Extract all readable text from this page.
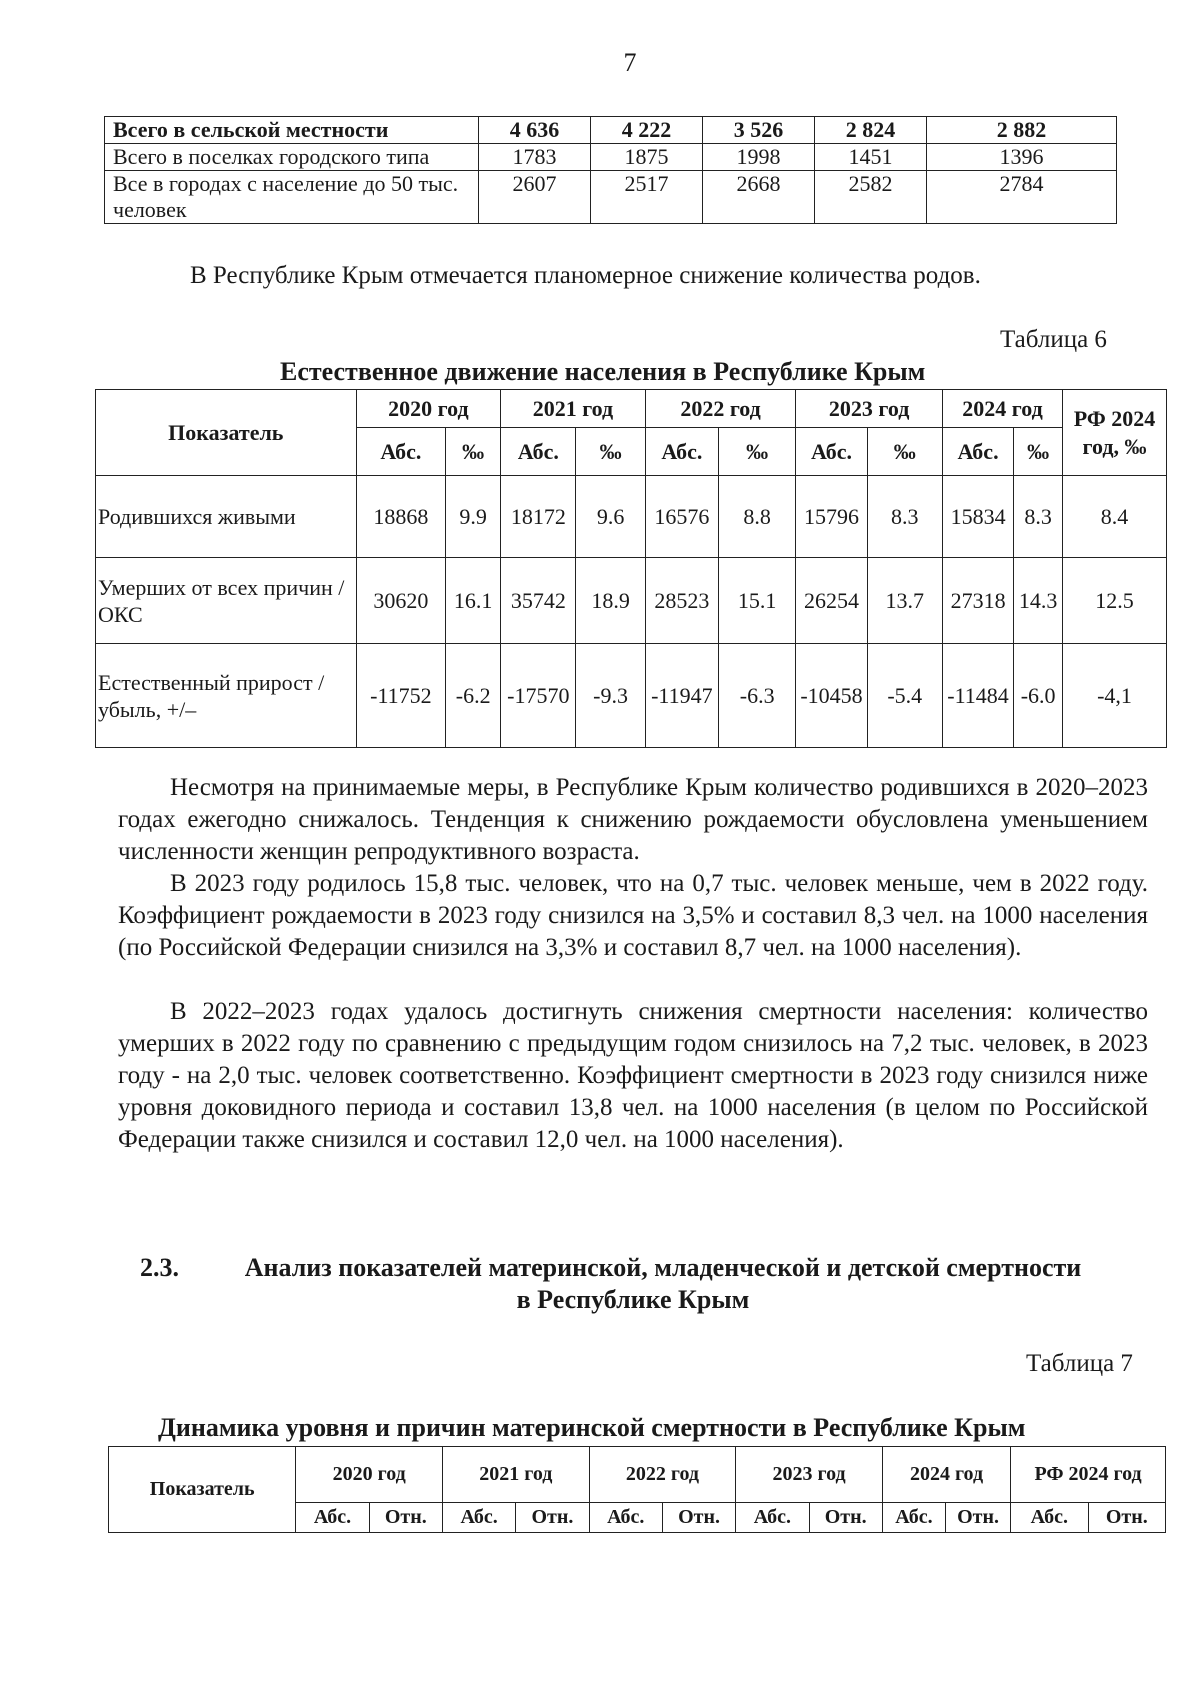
7
Всего в сельской местности	4 636	4 222	3 526	2 824	2 882
Всего в поселках городского типа	1783	1875	1998	1451	1396
Все в городах с население до 50 тыс. человек	2607	2517	2668	2582	2784
В Республике Крым отмечается планомерное снижение количества родов.
Таблица 6
Естественное движение населения в Республике Крым
Показатель	2020 год		2021 год		2022 год		2023 год		2024 год		РФ 2024 год, ‰
	Абс.	‰	Абс.	‰	Абс.	‰	Абс.	‰	Абс.	‰	
Родившихся живыми	18868	9.9	18172	9.6	16576	8.8	15796	8.3	15834	8.3	8.4
Умерших от всех причин / ОКС	30620	16.1	35742	18.9	28523	15.1	26254	13.7	27318	14.3	12.5
Естественный прирост / убыль, +/–	-11752	-6.2	-17570	-9.3	-11947	-6.3	-10458	-5.4	-11484	-6.0	-4,1

Несмотря на принимаемые меры, в Республике Крым количество родившихся в 2020–2023 годах ежегодно снижалось. Тенденция к снижению рождаемости обусловлена уменьшением численности женщин репродуктивного возраста.

В 2023 году родилось 15,8 тыс. человек, что на 0,7 тыс. человек меньше, чем в 2022 году. Коэффициент рождаемости в 2023 году снизился на 3,5% и составил 8,3 чел. на 1000 населения (по Российской Федерации снизился на 3,3% и составил 8,7 чел. на 1000 населения).

В 2022–2023 годах удалось достигнуть снижения смертности населения: количество умерших в 2022 году по сравнению с предыдущим годом снизилось на 7,2 тыс. человек, в 2023 году - на 2,0 тыс. человек соответственно. Коэффициент смертности в 2023 году снизился ниже уровня доковидного периода и составил 13,8 чел. на 1000 населения (в целом по Российской Федерации также снизился и составил 12,0 чел. на 1000 населения).

2.3.	Анализ показателей материнской, младенческой и детской смертности
в Республике Крым
Таблица 7
Динамика уровня и причин материнской смертности в Республике Крым
Показатель	2020 год		2021 год		2022 год		2023 год		2024 год		РФ 2024 год	
	Абс.	Отн.	Абс.	Отн.	Абс.	Отн.	Абс.	Отн.	Абс.	Отн.	Абс.	Отн.
